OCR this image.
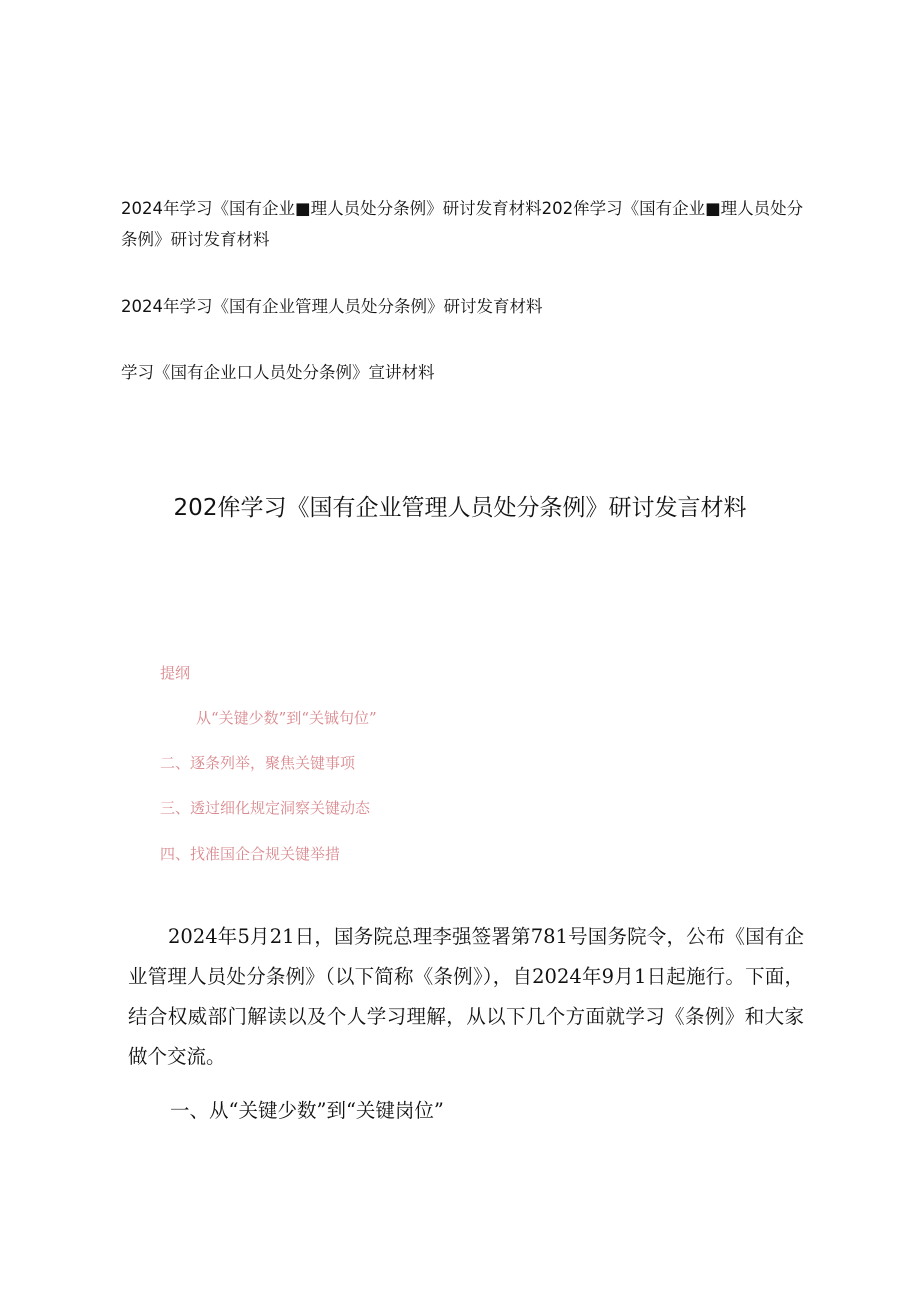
2024年学习《国有企业■理人员处分条例》研讨发育材料202侔学习《国有企业■理人员处分条例》研讨发育材料
2024年学习《国有企业管理人员处分条例》研讨发育材料
学习《国有企业口人员处分条例》宣讲材料
202侔学习《国有企业管理人员处分条例》研讨发言材料
提纲
从“关键少数”到“关铖句位”
二、逐条列举，聚焦关键事项
三、透过细化规定洞察关键动态
四、找准国企合规关键举措

2024年5月21日，国务院总理李强签署第781号国务院令，公布《国有企业管理人员处分条例》（以下简称《条例》），自2024年9月1日起施行。下面，结合权威部门解读以及个人学习理解，从以下几个方面就学习《条例》和大家做个交流。

一、从“关键少数”到“关键岗位”
